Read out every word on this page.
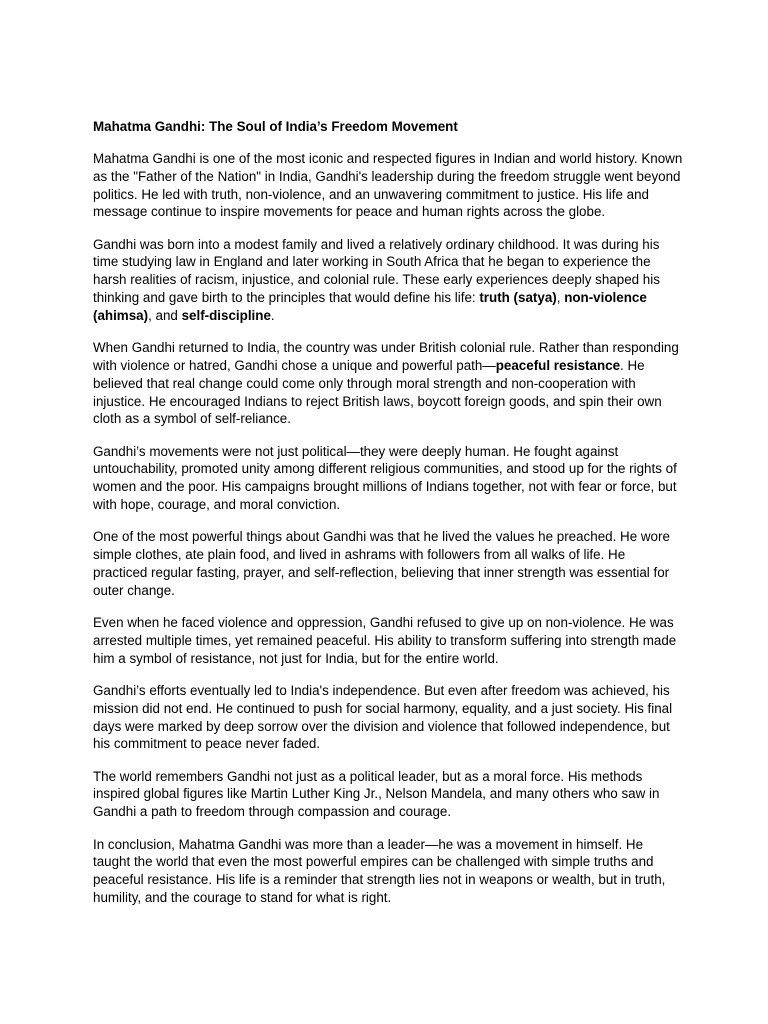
Mahatma Gandhi: The Soul of India’s Freedom Movement

Mahatma Gandhi is one of the most iconic and respected figures in Indian and world history. Known as the "Father of the Nation" in India, Gandhi's leadership during the freedom struggle went beyond politics. He led with truth, non-violence, and an unwavering commitment to justice. His life and message continue to inspire movements for peace and human rights across the globe.

Gandhi was born into a modest family and lived a relatively ordinary childhood. It was during his time studying law in England and later working in South Africa that he began to experience the harsh realities of racism, injustice, and colonial rule. These early experiences deeply shaped his thinking and gave birth to the principles that would define his life: truth (satya), non-violence (ahimsa), and self-discipline.

When Gandhi returned to India, the country was under British colonial rule. Rather than responding with violence or hatred, Gandhi chose a unique and powerful path—peaceful resistance. He believed that real change could come only through moral strength and non-cooperation with injustice. He encouraged Indians to reject British laws, boycott foreign goods, and spin their own cloth as a symbol of self-reliance.

Gandhi’s movements were not just political—they were deeply human. He fought against untouchability, promoted unity among different religious communities, and stood up for the rights of women and the poor. His campaigns brought millions of Indians together, not with fear or force, but with hope, courage, and moral conviction.

One of the most powerful things about Gandhi was that he lived the values he preached. He wore simple clothes, ate plain food, and lived in ashrams with followers from all walks of life. He practiced regular fasting, prayer, and self-reflection, believing that inner strength was essential for outer change.

Even when he faced violence and oppression, Gandhi refused to give up on non-violence. He was arrested multiple times, yet remained peaceful. His ability to transform suffering into strength made him a symbol of resistance, not just for India, but for the entire world.

Gandhi’s efforts eventually led to India's independence. But even after freedom was achieved, his mission did not end. He continued to push for social harmony, equality, and a just society. His final days were marked by deep sorrow over the division and violence that followed independence, but his commitment to peace never faded.

The world remembers Gandhi not just as a political leader, but as a moral force. His methods inspired global figures like Martin Luther King Jr., Nelson Mandela, and many others who saw in Gandhi a path to freedom through compassion and courage.

In conclusion, Mahatma Gandhi was more than a leader—he was a movement in himself. He taught the world that even the most powerful empires can be challenged with simple truths and peaceful resistance. His life is a reminder that strength lies not in weapons or wealth, but in truth, humility, and the courage to stand for what is right.
